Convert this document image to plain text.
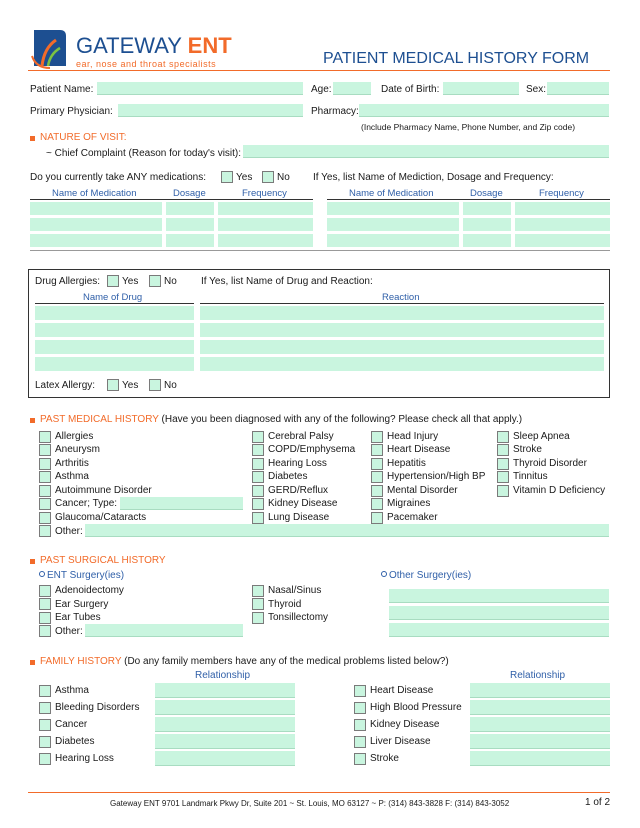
GATEWAY ENT
ear, nose and throat specialists	PATIENT MEDICAL HISTORY FORM
Patient Name:	Age:	Date of Birth:	Sex:
Primary Physician:	Pharmacy:
(Include Pharmacy Name, Phone Number, and Zip code)
NATURE OF VISIT:
~ Chief Complaint (Reason for today's visit):
Do you currently take ANY medications:	Yes No If Yes, list Name of Mediction, Dosage and Frequency:
Name of Medication	Dosage	Frequency	Name of Medication	Dosage	Frequency
Drug Allergies: Yes	No If Yes, list Name of Drug and Reaction:
Name of Drug	Reaction
Latex Allergy:	Yes	No
PAST MEDICAL HISTORY (Have you been diagnosed with any of the following? Please check all that apply.)
Allergies
Aneurysm
Arthritis
Asthma
Autoimmune Disorder
Cancer; Type:
Glaucoma/Cataracts
Cerebral Palsy
COPD/Emphysema
Hearing Loss
Diabetes
GERD/Reflux
Kidney Disease
Lung Disease
Head Injury
Heart Disease
Hepatitis
Hypertension/High BP
Mental Disorder
Migraines
Pacemaker
Sleep Apnea
Stroke
Thyroid Disorder
Tinnitus
Vitamin D Deficiency
Other:
PAST SURGICAL HISTORY
ENT Surgery(ies)	Other Surgery(ies)
Adenoidectomy
Ear Surgery
Ear Tubes
Other:
Nasal/Sinus
Thyroid
Tonsillectomy
FAMILY HISTORY (Do any family members have any of the medical problems listed below?)
Relationship	Relationship
Asthma
Bleeding Disorders
Cancer
Diabetes
Hearing Loss
Heart Disease
High Blood Pressure
Kidney Disease
Liver Disease
Stroke
Gateway ENT 9701 Landmark Pkwy Dr, Suite 201 ~ St. Louis, MO 63127 ~ P: (314) 843-3828 F: (314) 843-3052	1 of 2
